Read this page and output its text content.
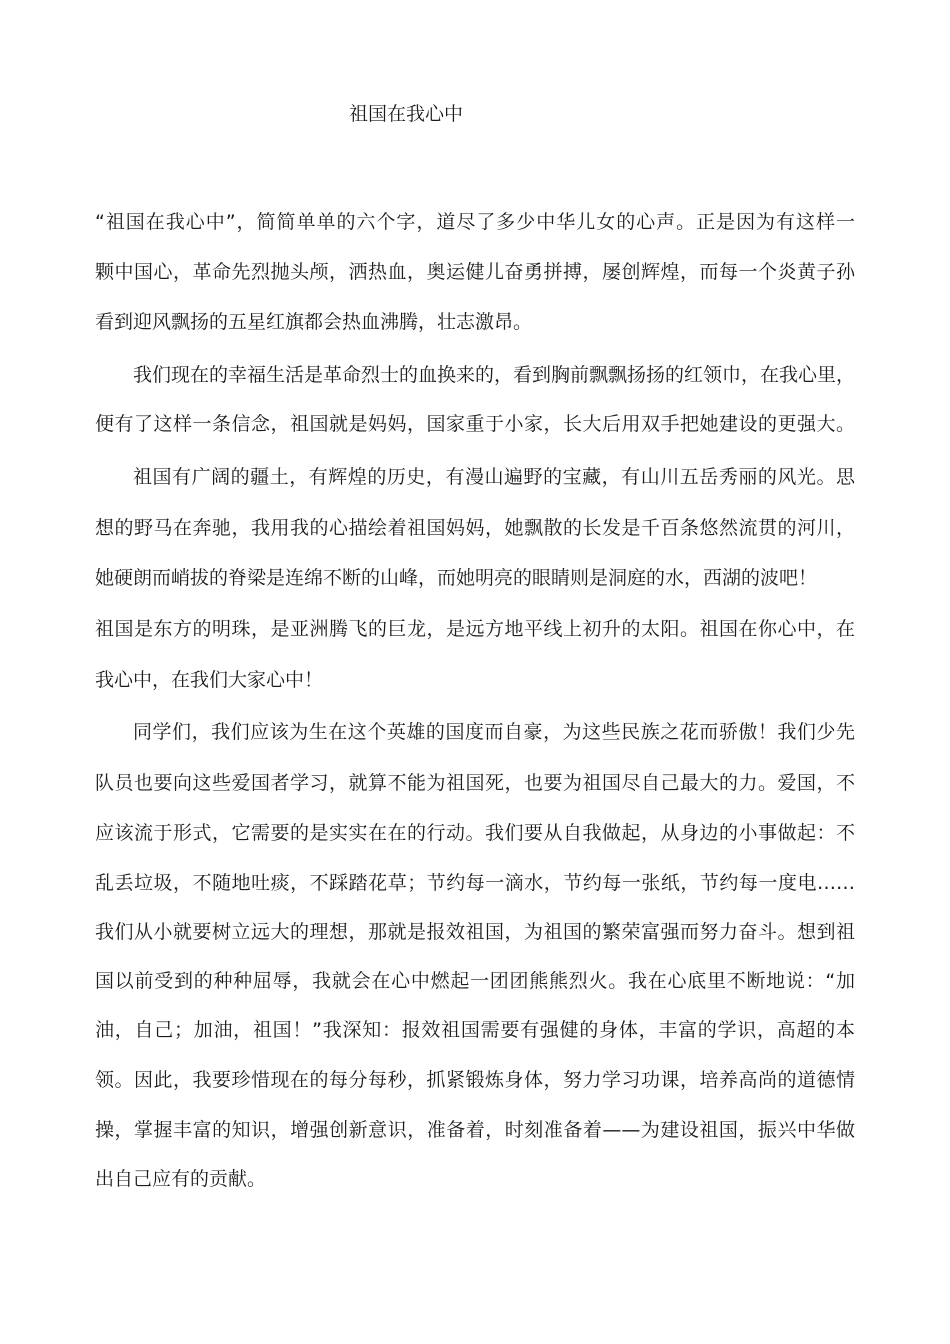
祖国在我心中
“祖国在我心中”，简简单单的六个字，道尽了多少中华儿女的心声。正是因为有这样一
颗中国心，革命先烈抛头颅，洒热血，奥运健儿奋勇拼搏，屡创辉煌，而每一个炎黄子孙
看到迎风飘扬的五星红旗都会热血沸腾，壮志激昂。
我们现在的幸福生活是革命烈士的血换来的，看到胸前飘飘扬扬的红领巾，在我心里，
便有了这样一条信念，祖国就是妈妈，国家重于小家，长大后用双手把她建设的更强大。
祖国有广阔的疆土，有辉煌的历史，有漫山遍野的宝藏，有山川五岳秀丽的风光。思
想的野马在奔驰，我用我的心描绘着祖国妈妈，她飘散的长发是千百条悠然流贯的河川，
她硬朗而峭拔的脊梁是连绵不断的山峰，而她明亮的眼睛则是洞庭的水，西湖的波吧！
祖国是东方的明珠，是亚洲腾飞的巨龙，是远方地平线上初升的太阳。祖国在你心中，在
我心中，在我们大家心中！
同学们，我们应该为生在这个英雄的国度而自豪，为这些民族之花而骄傲！我们少先
队员也要向这些爱国者学习，就算不能为祖国死，也要为祖国尽自己最大的力。爱国，不
应该流于形式，它需要的是实实在在的行动。我们要从自我做起，从身边的小事做起：不
乱丢垃圾，不随地吐痰，不踩踏花草；节约每一滴水，节约每一张纸，节约每一度电……
我们从小就要树立远大的理想，那就是报效祖国，为祖国的繁荣富强而努力奋斗。想到祖
国以前受到的种种屈辱，我就会在心中燃起一团团熊熊烈火。我在心底里不断地说：“加
油，自己；加油，祖国！”我深知：报效祖国需要有强健的身体，丰富的学识，高超的本
领。因此，我要珍惜现在的每分每秒，抓紧锻炼身体，努力学习功课，培养高尚的道德情
操，掌握丰富的知识，增强创新意识，准备着，时刻准备着——为建设祖国，振兴中华做
出自己应有的贡献。
